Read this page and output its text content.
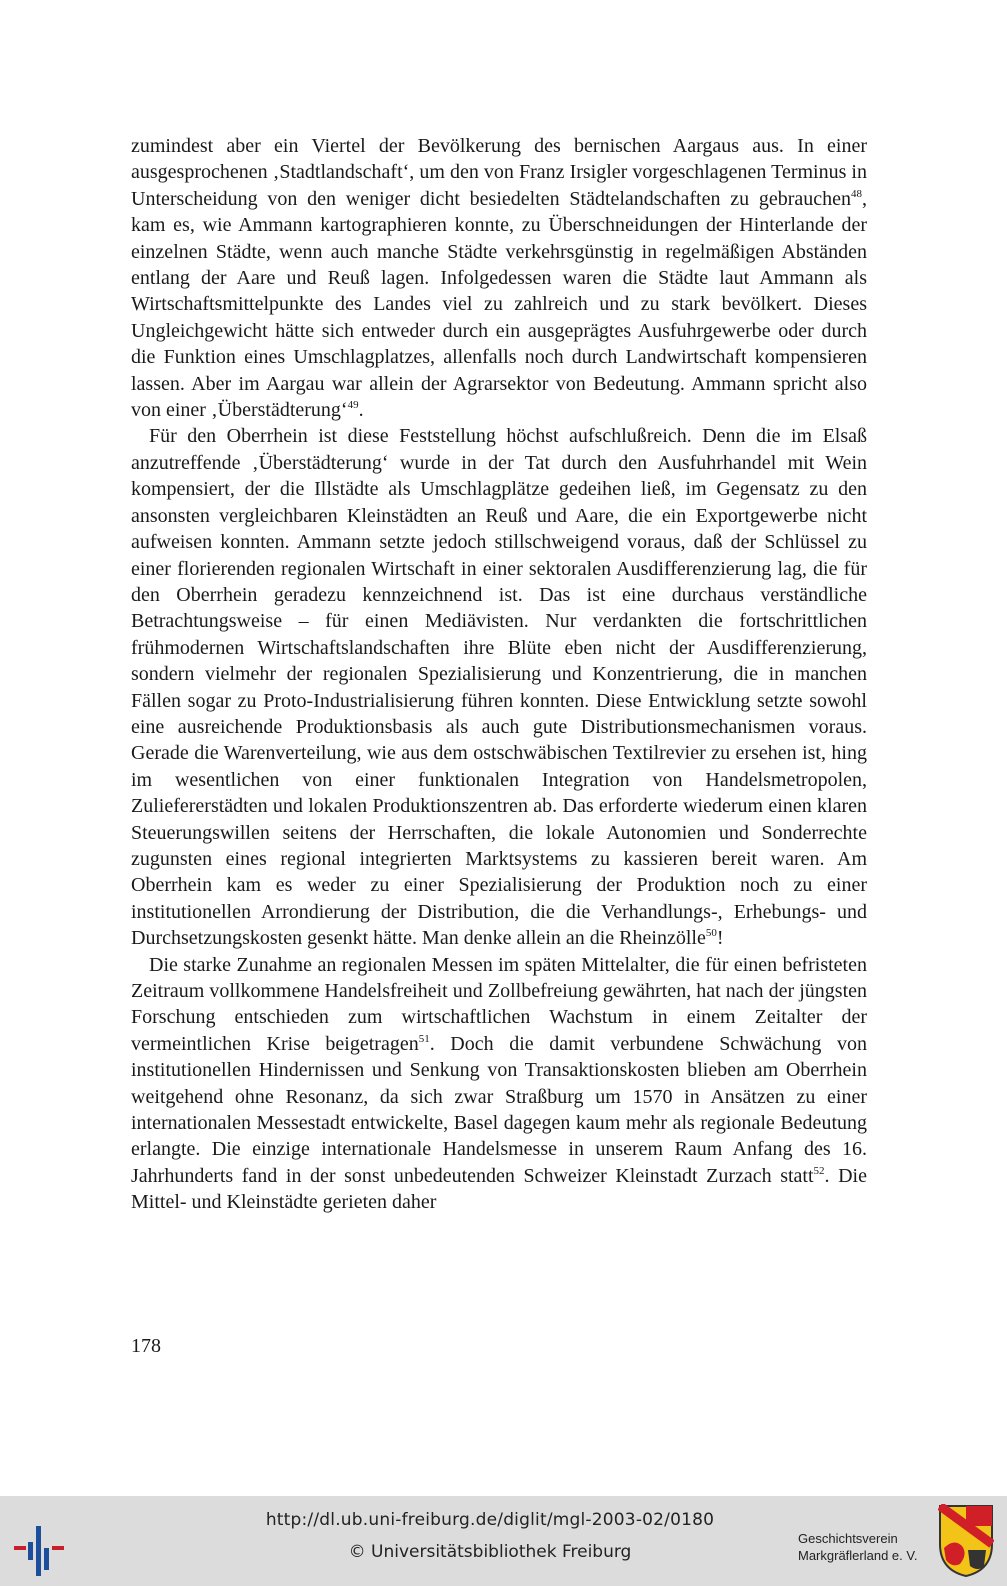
zumindest aber ein Viertel der Bevölkerung des bernischen Aargaus aus. In einer ausgesprochenen ‚Stadtlandschaft‘, um den von Franz Irsigler vorgeschlagenen Terminus in Unterscheidung von den weniger dicht besiedelten Städtelandschaften zu gebrauchen$^{48}$, kam es, wie Ammann kartographieren konnte, zu Überschneidungen der Hinterlande der einzelnen Städte, wenn auch manche Städte verkehrsgünstig in regelmäßigen Abständen entlang der Aare und Reuß lagen. Infolgedessen waren die Städte laut Ammann als Wirtschaftsmittelpunkte des Landes viel zu zahlreich und zu stark bevölkert. Dieses Ungleichgewicht hätte sich entweder durch ein ausgeprägtes Ausfuhrgewerbe oder durch die Funktion eines Umschlagplatzes, allenfalls noch durch Landwirtschaft kompensieren lassen. Aber im Aargau war allein der Agrarsektor von Bedeutung. Ammann spricht also von einer ‚Überstädterung‘$^{49}$.

Für den Oberrhein ist diese Feststellung höchst aufschlußreich. Denn die im Elsaß anzutreffende ‚Überstädterung‘ wurde in der Tat durch den Ausfuhrhandel mit Wein kompensiert, der die Illstädte als Umschlagplätze gedeihen ließ, im Gegensatz zu den ansonsten vergleichbaren Kleinstädten an Reuß und Aare, die ein Exportgewerbe nicht aufweisen konnten. Ammann setzte jedoch stillschweigend voraus, daß der Schlüssel zu einer florierenden regionalen Wirtschaft in einer sektoralen Ausdifferenzierung lag, die für den Oberrhein geradezu kennzeichnend ist. Das ist eine durchaus verständliche Betrachtungsweise – für einen Mediävisten. Nur verdankten die fortschrittlichen frühmodernen Wirtschaftslandschaften ihre Blüte eben nicht der Ausdifferenzierung, sondern vielmehr der regionalen Spezialisierung und Konzentrierung, die in manchen Fällen sogar zu Proto-Industrialisierung führen konnten. Diese Entwicklung setzte sowohl eine ausreichende Produktionsbasis als auch gute Distributionsmechanismen voraus. Gerade die Warenverteilung, wie aus dem ostschwäbischen Textilrevier zu ersehen ist, hing im wesentlichen von einer funktionalen Integration von Handelsmetropolen, Zuliefererstädten und lokalen Produktionszentren ab. Das erforderte wiederum einen klaren Steuerungswillen seitens der Herrschaften, die lokale Autonomien und Sonderrechte zugunsten eines regional integrierten Marktsystems zu kassieren bereit waren. Am Oberrhein kam es weder zu einer Spezialisierung der Produktion noch zu einer institutionellen Arrondierung der Distribution, die die Verhandlungs-, Erhebungs- und Durchsetzungskosten gesenkt hätte. Man denke allein an die Rheinzölle$^{50}$!

Die starke Zunahme an regionalen Messen im späten Mittelalter, die für einen befristeten Zeitraum vollkommene Handelsfreiheit und Zollbefreiung gewährten, hat nach der jüngsten Forschung entschieden zum wirtschaftlichen Wachstum in einem Zeitalter der vermeintlichen Krise beigetragen$^{51}$. Doch die damit verbundene Schwächung von institutionellen Hindernissen und Senkung von Transaktionskosten blieben am Oberrhein weitgehend ohne Resonanz, da sich zwar Straßburg um 1570 in Ansätzen zu einer internationalen Messestadt entwickelte, Basel dagegen kaum mehr als regionale Bedeutung erlangte. Die einzige internationale Handelsmesse in unserem Raum Anfang des 16. Jahrhunderts fand in der sonst unbedeutenden Schweizer Kleinstadt Zurzach statt$^{52}$. Die Mittel- und Kleinstädte gerieten daher

178
http://dl.ub.uni-freiburg.de/diglit/mgl-2003-02/0180
© Universitätsbibliothek Freiburg
Geschichtsverein
Markgräflerland e. V.
